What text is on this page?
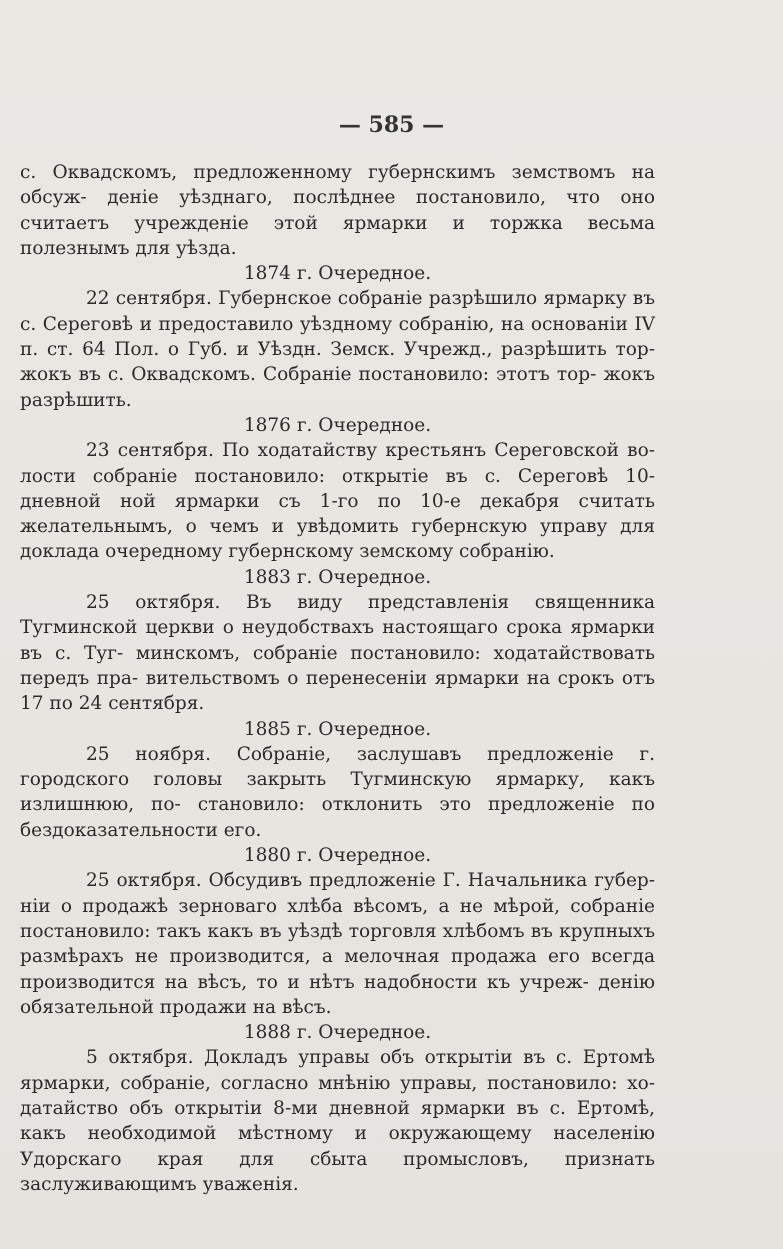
— 585 —

с. Оквадскомъ, предложенному губернскимъ земствомъ на обсуж- деніе уѣзднаго, послѣднее постановило, что оно считаетъ учрежденіе этой ярмарки и торжка весьма полезнымъ для уѣзда.

1874 г. Очередное.

22 сентября. Губернское собраніе разрѣшило ярмарку въ с. Сереговѣ и предоставило уѣздному собранію, на основаніи IV п. ст. 64 Пол. о Губ. и Уѣздн. Земск. Учрежд., разрѣшить тор- жокъ въ с. Оквадскомъ. Собраніе постановило: этотъ тор- жокъ разрѣшить.

1876 г. Очередное.

23 сентября. По ходатайству крестьянъ Сереговской во- лости собраніе постановило: открытіе въ с. Сереговѣ 10-дневной ной ярмарки съ 1-го по 10-е декабря считать желательнымъ, о чемъ и увѣдомить губернскую управу для доклада очередному губернскому земскому собранію.

1883 г. Очередное.

25 октября. Въ виду представленія священника Тугминской церкви о неудобствахъ настоящаго срока ярмарки въ с. Туг- минскомъ, собраніе постановило: ходатайствовать передъ пра- вительствомъ о перенесеніи ярмарки на срокъ отъ 17 по 24 сентября.

1885 г. Очередное.

25 ноября. Собраніе, заслушавъ предложеніе г. городского головы закрыть Тугминскую ярмарку, какъ излишнюю, по- становило: отклонить это предложеніе по бездоказательности его.

1880 г. Очередное.

25 октября. Обсудивъ предложеніе Г. Начальника губер- ніи о продажѣ зерноваго хлѣба вѣсомъ, а не мѣрой, собраніе постановило: такъ какъ въ уѣздѣ торговля хлѣбомъ въ крупныхъ размѣрахъ не производится, а мелочная продажа его всегда производится на вѣсъ, то и нѣтъ надобности къ учреж- денію обязательной продажи на вѣсъ.

1888 г. Очередное.

5 октября. Докладъ управы объ открытіи въ с. Ертомѣ ярмарки, собраніе, согласно мнѣнію управы, постановило: хо- датайство объ открытіи 8-ми дневной ярмарки въ с. Ертомѣ, какъ необходимой мѣстному и окружающему населенію Удорскаго края для сбыта промысловъ, признать заслуживающимъ уваженія.
